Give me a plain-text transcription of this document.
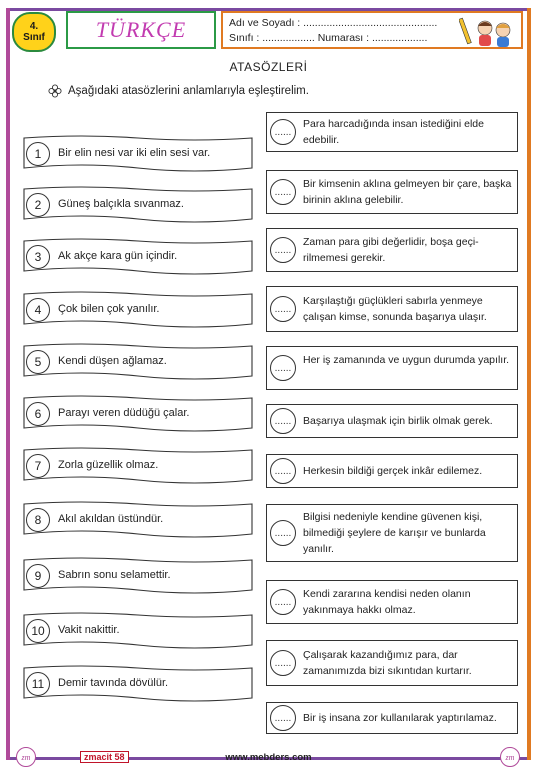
4.
Sınıf	TÜRKÇE	Adı ve Soyadı : ..............................................
Sınıfı : .................. Numarası : ...................
ATASÖZLERİ
Aşağıdaki atasözlerini anlamlarıyla eşleştirelim.
1	Bir elin nesi var iki elin sesi var.
2	Güneş balçıkla sıvanmaz.
3	Ak akçe kara gün içindir.
4	Çok bilen çok yanılır.
5	Kendi düşen ağlamaz.
6	Parayı veren düdüğü çalar.
7	Zorla güzellik olmaz.
8	Akıl akıldan üstündür.
9	Sabrın sonu selamettir.
10	Vakit nakittir.
11	Demir tavında dövülür.
......
Para harcadığında insan istediğini elde edebilir.
......
Bir kimsenin aklına gelmeyen bir çare, başka birinin aklına gelebilir.
......
Zaman para gibi değerlidir, boşa geçi- rilmemesi gerekir.
......
Karşılaştığı güçlükleri sabırla yenmeye çalışan kimse, sonunda başarıya ulaşır.
......
Her iş zamanında ve uygun durumda yapılır.
......	Başarıya ulaşmak için birlik olmak gerek.
......	Herkesin bildiği gerçek inkâr edilemez.
......
Bilgisi nedeniyle kendine güvenen kişi, bilmediği şeylere de karışır ve bunlarda yanılır.
......
Kendi zararına kendisi neden olanın yakınmaya hakkı olmaz.
......
Çalışarak kazandığımız para, dar zamanımızda bizi sıkıntıdan kurtarır.
......	Bir iş insana zor kullanılarak yaptırılamaz.
zm	zmacit 58	www.mebders.com	zm
